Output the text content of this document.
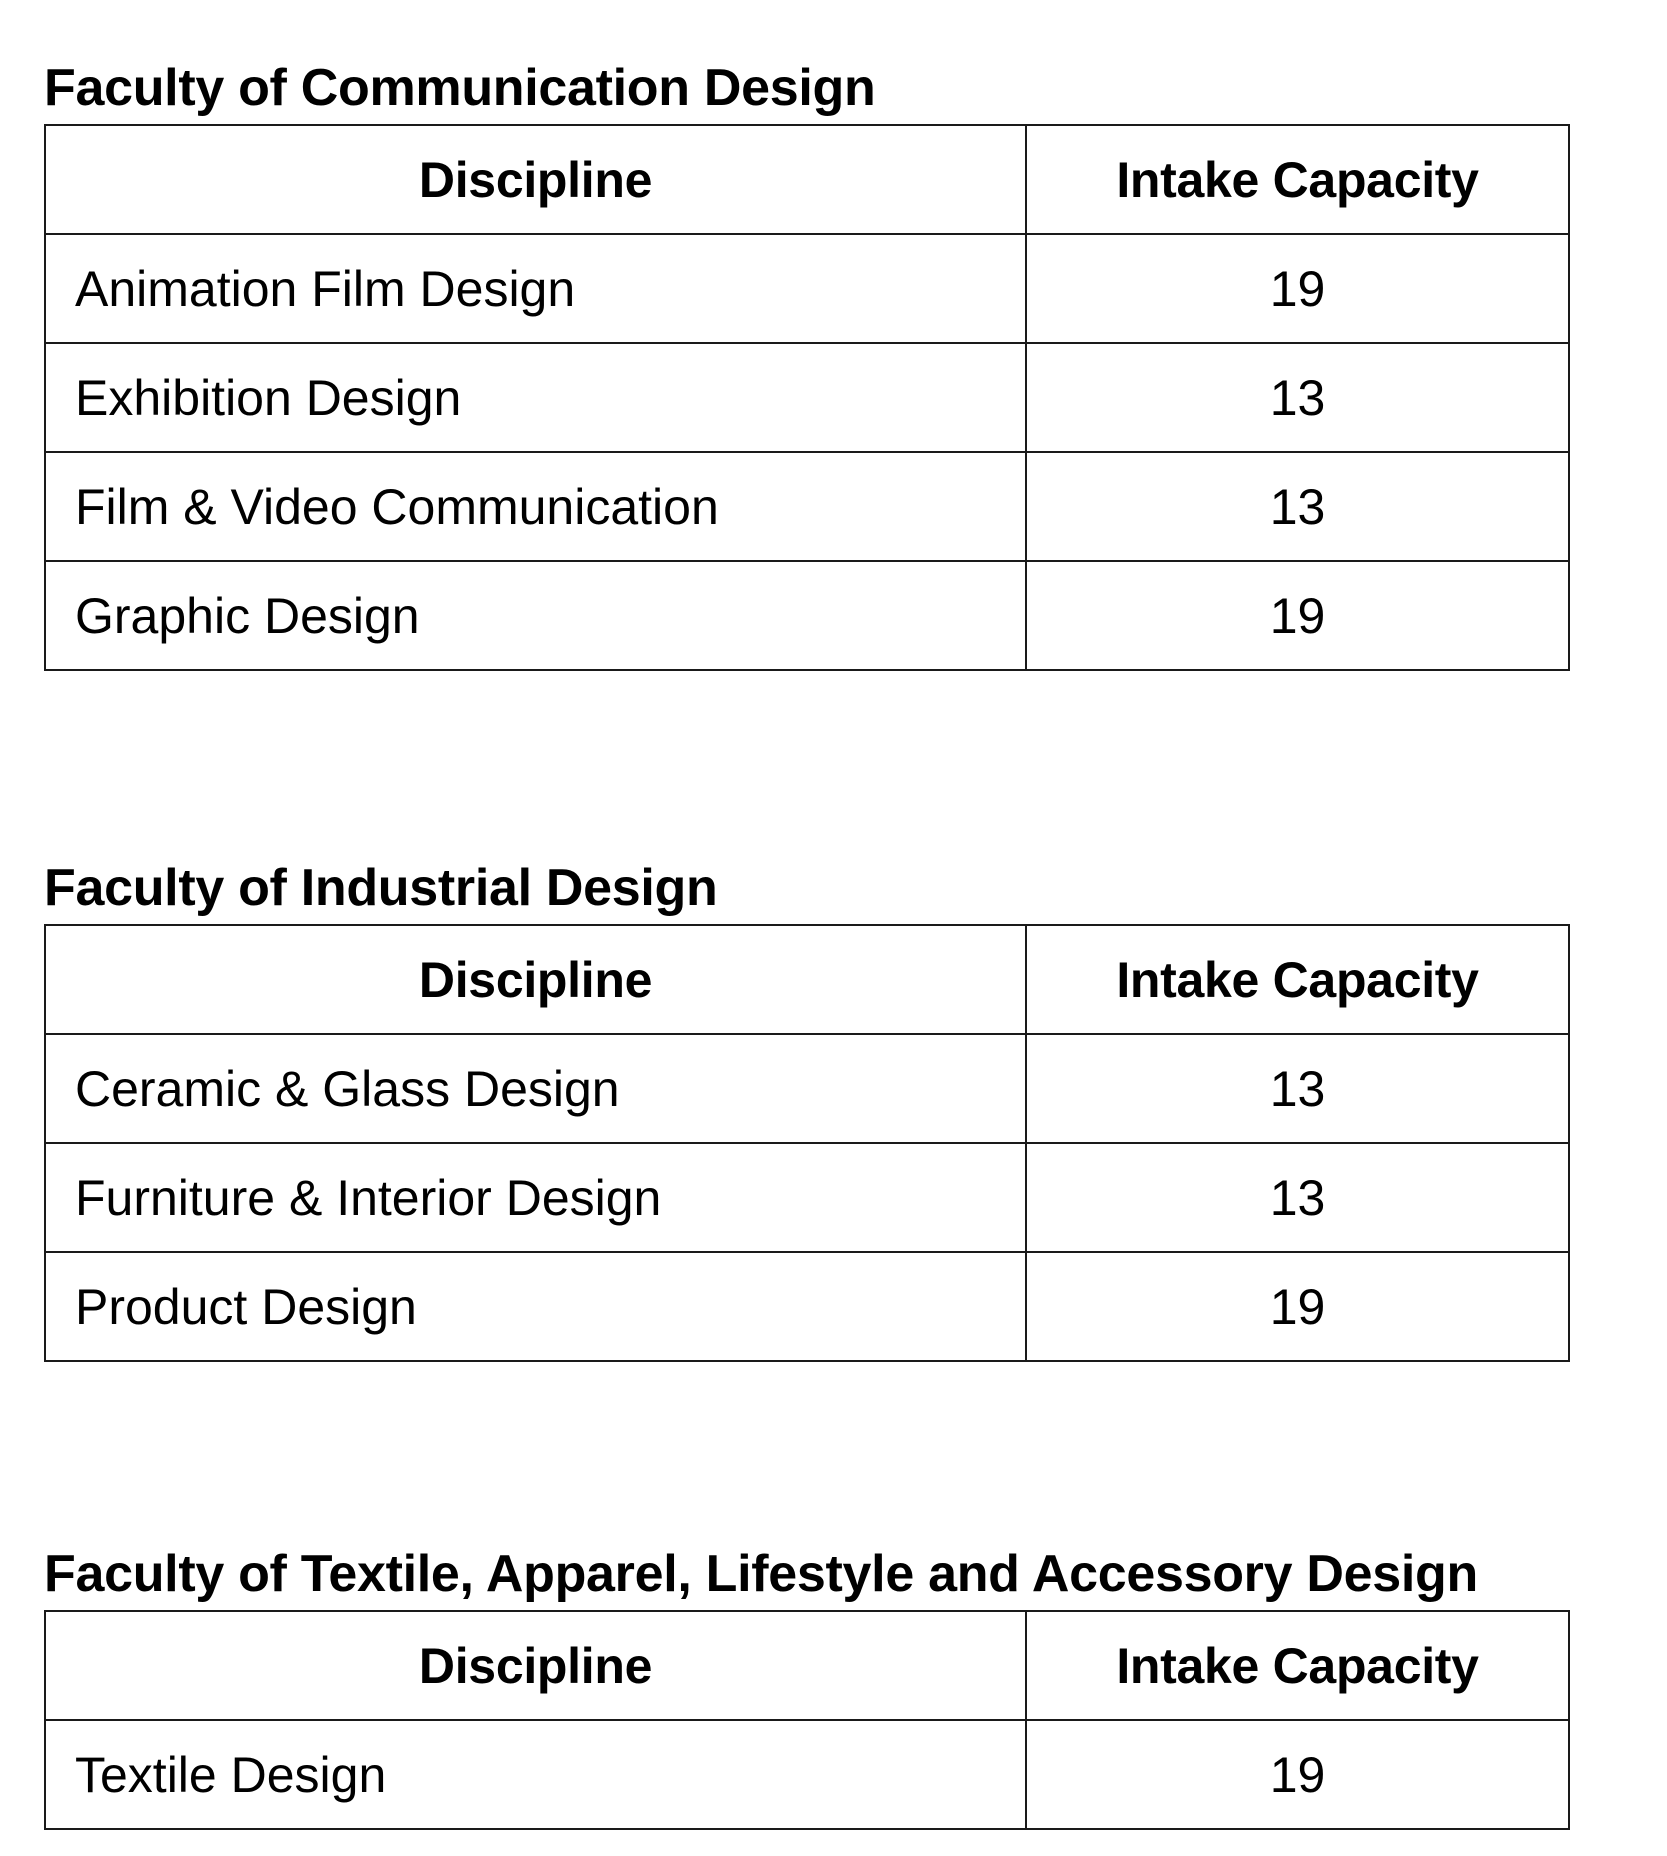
Faculty of Communication Design
Discipline	Intake Capacity
Animation Film Design	19
Exhibition Design	13
Film & Video Communication	13
Graphic Design	19
Faculty of Industrial Design
Discipline	Intake Capacity
Ceramic & Glass Design	13
Furniture & Interior Design	13
Product Design	19
Faculty of Textile, Apparel, Lifestyle and Accessory Design
Discipline	Intake Capacity
Textile Design	19
